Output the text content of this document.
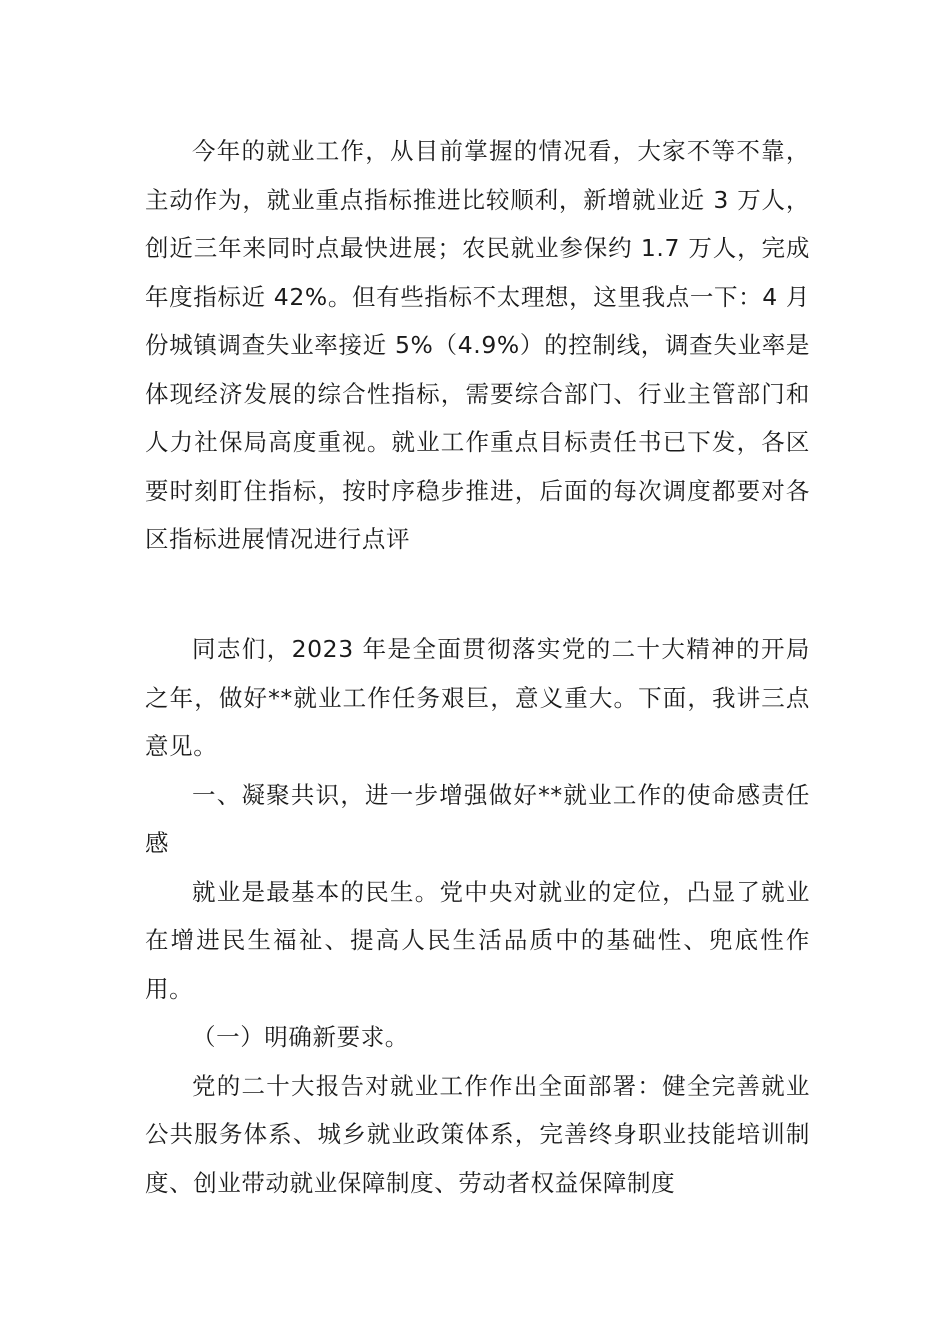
今年的就业工作，从目前掌握的情况看，大家不等不靠，主动作为，就业重点指标推进比较顺利，新增就业近 3 万人，创近三年来同时点最快进展；农民就业参保约 1.7 万人，完成年度指标近 42%。但有些指标不太理想，这里我点一下：4 月份城镇调查失业率接近 5%（4.9%）的控制线，调查失业率是体现经济发展的综合性指标，需要综合部门、行业主管部门和人力社保局高度重视。就业工作重点目标责任书已下发，各区要时刻盯住指标，按时序稳步推进，后面的每次调度都要对各区指标进展情况进行点评

同志们，2023 年是全面贯彻落实党的二十大精神的开局之年，做好**就业工作任务艰巨，意义重大。下面，我讲三点意见。

一、凝聚共识，进一步增强做好**就业工作的使命感责任感

就业是最基本的民生。党中央对就业的定位，凸显了就业在增进民生福祉、提高人民生活品质中的基础性、兜底性作用。

（一）明确新要求。

党的二十大报告对就业工作作出全面部署：健全完善就业公共服务体系、城乡就业政策体系，完善终身职业技能培训制度、创业带动就业保障制度、劳动者权益保障制度
